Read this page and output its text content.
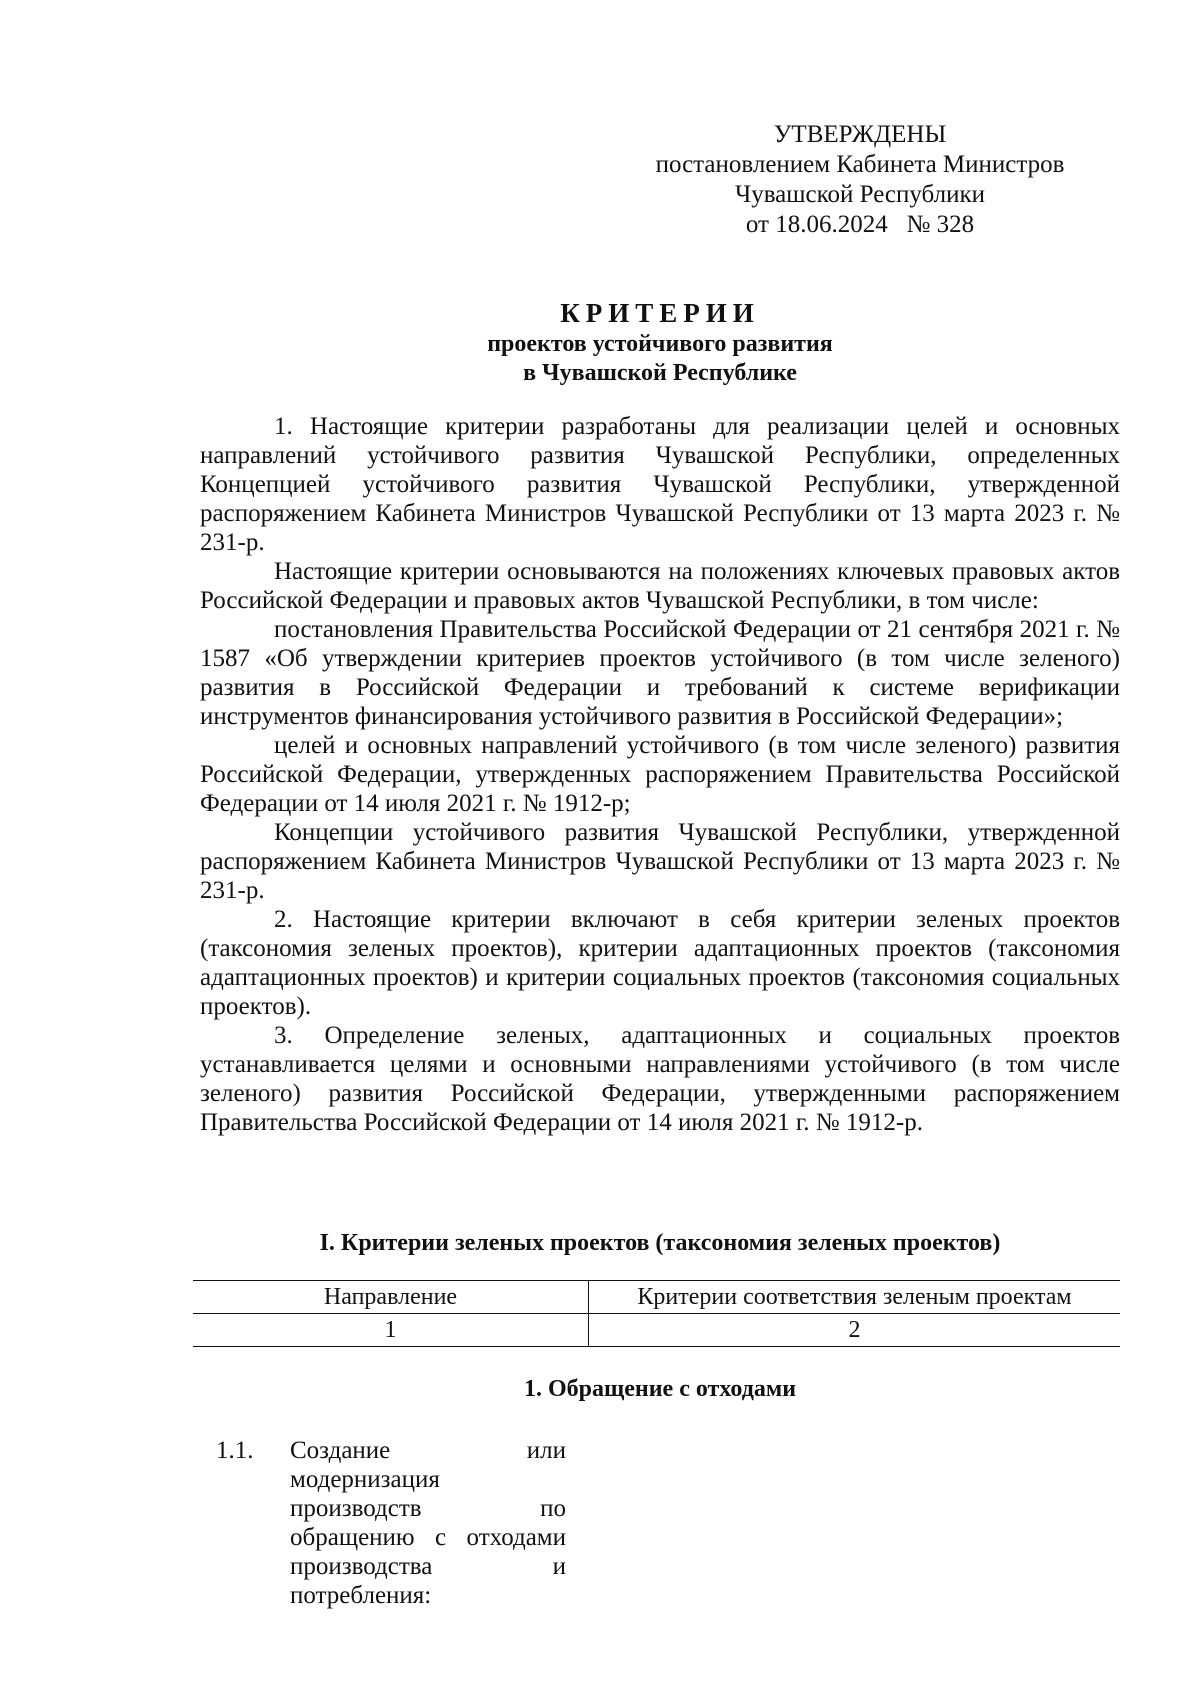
УТВЕРЖДЕНЫ
постановлением Кабинета Министров
Чувашской Республики
от 18.06.2024   № 328
КРИТЕРИИ
проектов устойчивого развития
в Чувашской Республике

1. Настоящие критерии разработаны для реализации целей и основных направлений устойчивого развития Чувашской Республики, определенных Концепцией устойчивого развития Чувашской Республики, утвержденной распоряжением Кабинета Министров Чувашской Республики от 13 марта 2023 г. № 231-р.

Настоящие критерии основываются на положениях ключевых правовых актов Российской Федерации и правовых актов Чувашской Республики, в том числе:

постановления Правительства Российской Федерации от 21 сентября 2021 г. № 1587 «Об утверждении критериев проектов устойчивого (в том числе зеленого) развития в Российской Федерации и требований к системе верификации инструментов финансирования устойчивого развития в Российской Федерации»;

целей и основных направлений устойчивого (в том числе зеленого) развития Российской Федерации, утвержденных распоряжением Правительства Российской Федерации от 14 июля 2021 г. № 1912-р;

Концепции устойчивого развития Чувашской Республики, утвержденной распоряжением Кабинета Министров Чувашской Республики от 13 марта 2023 г. № 231-р.

2. Настоящие критерии включают в себя критерии зеленых проектов (таксономия зеленых проектов), критерии адаптационных проектов (таксономия адаптационных проектов) и критерии социальных проектов (таксономия социальных проектов).

3. Определение зеленых, адаптационных и социальных проектов устанавливается целями и основными направлениями устойчивого (в том числе зеленого) развития Российской Федерации, утвержденными распоряжением Правительства Российской Федерации от 14 июля 2021 г. № 1912-р.

I. Критерии зеленых проектов (таксономия зеленых проектов)
Направление	Критерии соответствия зеленым проектам
1	2
1. Обращение с отходами
1.1. Создание или модернизация производств по обращению с отходами производства и потребления:
